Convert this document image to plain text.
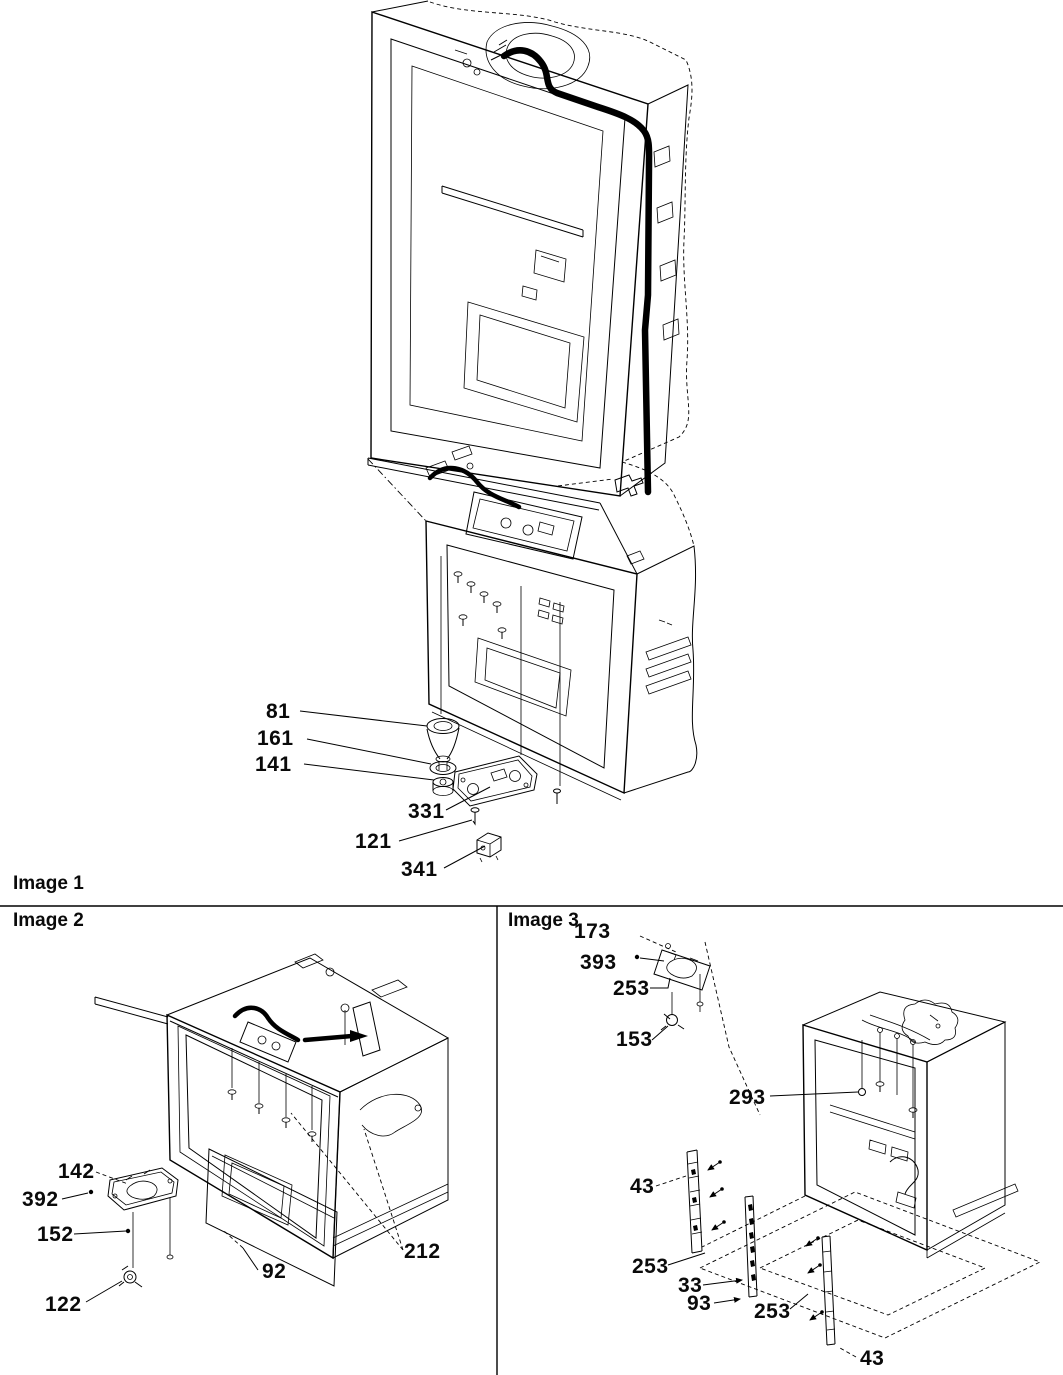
Image 1
Image 2	Image 3
81
161
141
331
121
341
142
392
152
122
92
212
173
393
253
153
293
43
253
33
93 253
43
